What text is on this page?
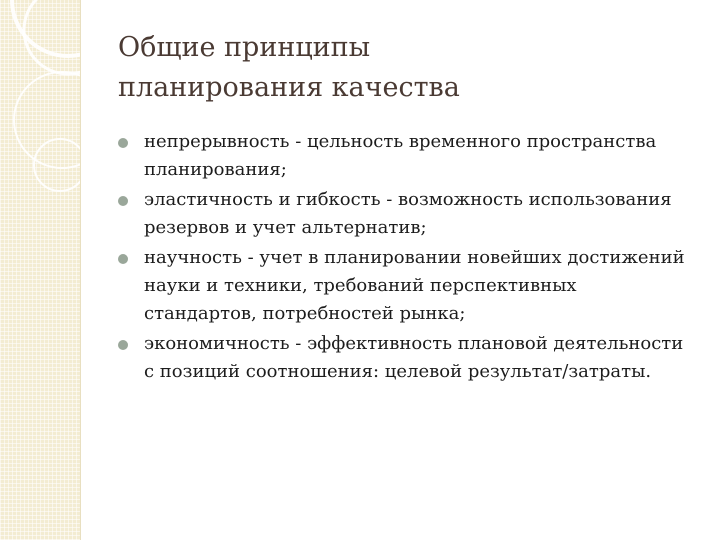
Общие принципы
планирования качества
непрерывность - цельность временного пространства планирования;
эластичность и гибкость - возможность использования резервов и учет альтернатив;
научность - учет в планировании новейших достижений науки и техники, требований перспективных стандартов, потребностей рынка;
экономичность - эффективность плановой деятельности с позиций соотношения: целевой результат/затраты.
